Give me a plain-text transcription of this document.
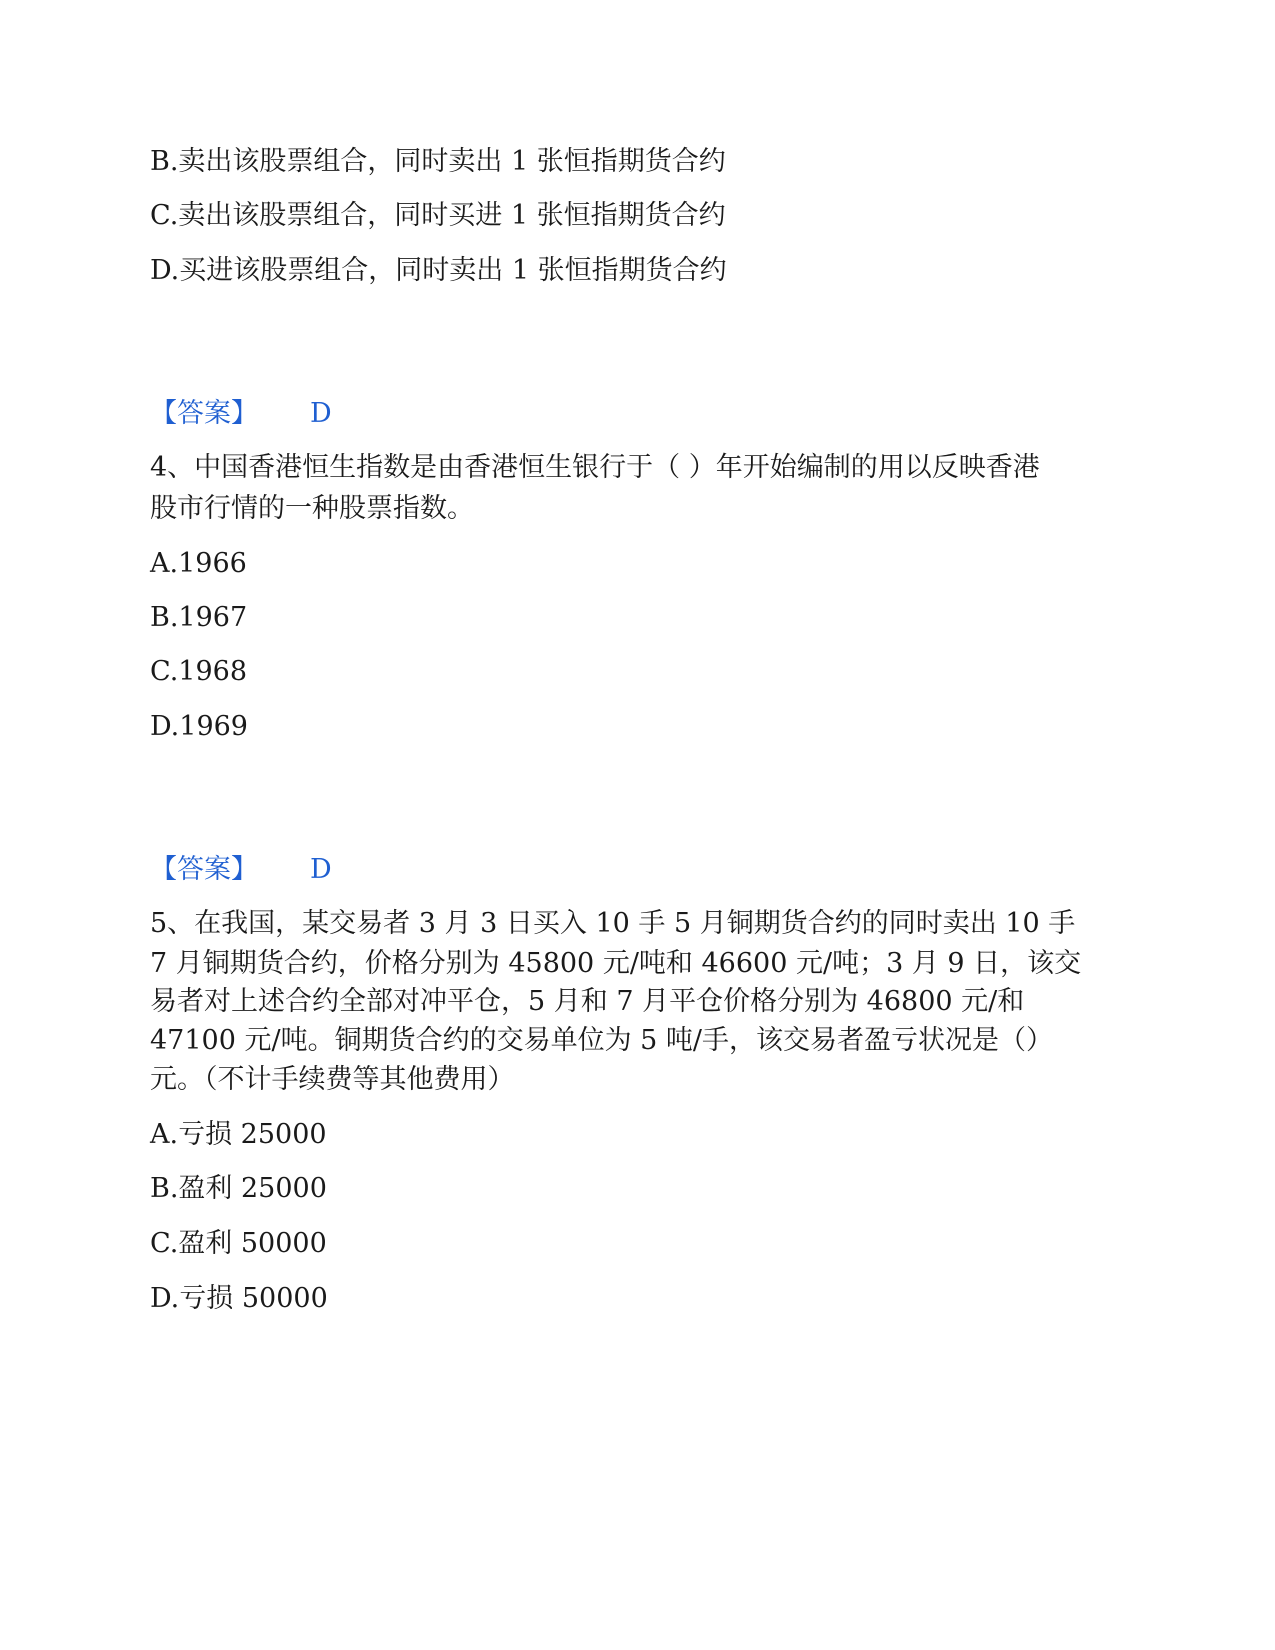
B.卖出该股票组合，同时卖出 1 张恒指期货合约
C.卖出该股票组合，同时买进 1 张恒指期货合约
D.买进该股票组合，同时卖出 1 张恒指期货合约
【答案】 D
4、中国香港恒生指数是由香港恒生银行于（ ）年开始编制的用以反映香港
股市行情的一种股票指数。
A.1966
B.1967
C.1968
D.1969
【答案】 D
5、在我国，某交易者 3 月 3 日买入 10 手 5 月铜期货合约的同时卖出 10 手
7 月铜期货合约，价格分别为 45800 元/吨和 46600 元/吨；3 月 9 日，该交
易者对上述合约全部对冲平仓，5 月和 7 月平仓价格分别为 46800 元/和
47100 元/吨。铜期货合约的交易单位为 5 吨/手，该交易者盈亏状况是（）
元。（不计手续费等其他费用）
A.亏损 25000
B.盈利 25000
C.盈利 50000
D.亏损 50000
